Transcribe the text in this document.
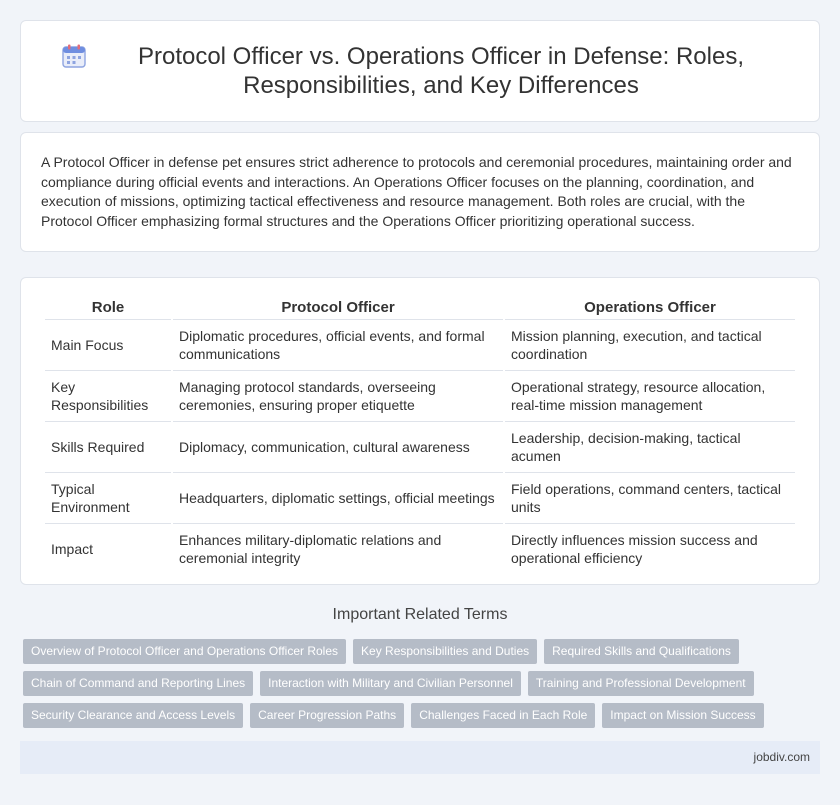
Protocol Officer vs. Operations Officer in Defense: Roles, Responsibilities, and Key Differences

A Protocol Officer in defense pet ensures strict adherence to protocols and ceremonial procedures, maintaining order and compliance during official events and interactions. An Operations Officer focuses on the planning, coordination, and execution of missions, optimizing tactical effectiveness and resource management. Both roles are crucial, with the Protocol Officer emphasizing formal structures and the Operations Officer prioritizing operational success.

Role	Protocol Officer	Operations Officer
Main Focus	Diplomatic procedures, official events, and formal communications	Mission planning, execution, and tactical coordination
Key Responsibilities	Managing protocol standards, overseeing ceremonies, ensuring proper etiquette	Operational strategy, resource allocation, real-time mission management
Skills Required	Diplomacy, communication, cultural awareness	Leadership, decision-making, tactical acumen
Typical Environment	Headquarters, diplomatic settings, official meetings	Field operations, command centers, tactical units
Impact	Enhances military-diplomatic relations and ceremonial integrity	Directly influences mission success and operational efficiency
Important Related Terms
Overview of Protocol Officer and Operations Officer Roles	Key Responsibilities and Duties	Required Skills and Qualifications
Chain of Command and Reporting Lines	Interaction with Military and Civilian Personnel	Training and Professional Development
Security Clearance and Access Levels	Career Progression Paths	Challenges Faced in Each Role	Impact on Mission Success
jobdiv.com
